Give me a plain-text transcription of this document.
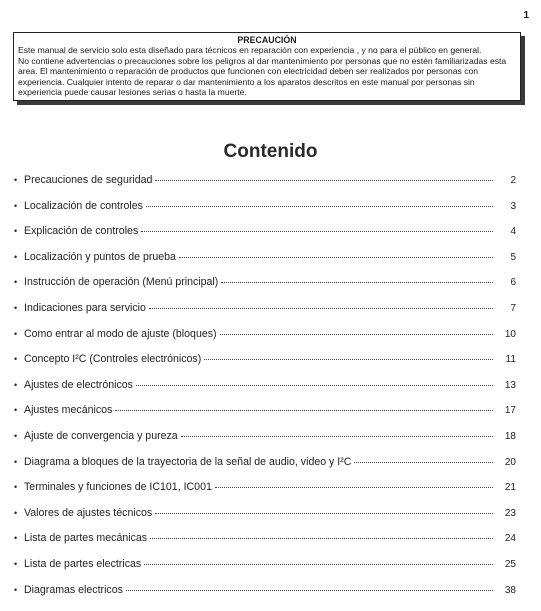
1
PRECAUCIÓN

Este manual de servicio solo esta diseñado para técnicos en reparación con experiencia , y no para el público en general.

No contiene advertencias o precauciones sobre los peligros al dar mantenimiento por personas que no estén familiarizadas esta area. El mantenimiento o reparación de productos que funcionen con electricidad deben ser realizados por personas con experiencia. Cualquier intento de reparar o dar mantenimiento a los aparatos descritos en este manual por personas sin experiencia puede causar lesiones serias o hasta la muerte.

Contenido
• Precauciones de seguridad	2
• Localización de controles	3
• Explicación de controles	4
• Localización y puntos de prueba	5
• Instrucción de operación (Menú principal)	6
• Indicaciones para servicio	7
• Como entrar al modo de ajuste (bloques)	10
• Concepto I²C (Controles electrónicos)	11
• Ajustes de electrónicos	13
• Ajustes mecánicos	17
• Ajuste de convergencia y pureza	18
• Diagrama a bloques de la trayectoria de la señal de audio, video y I²C	20
• Terminales y funciones de IC101, IC001	21
• Valores de ajustes técnicos	23
• Lista de partes mecánicas	24
• Lista de partes electricas	25
• Diagramas electricos	38
